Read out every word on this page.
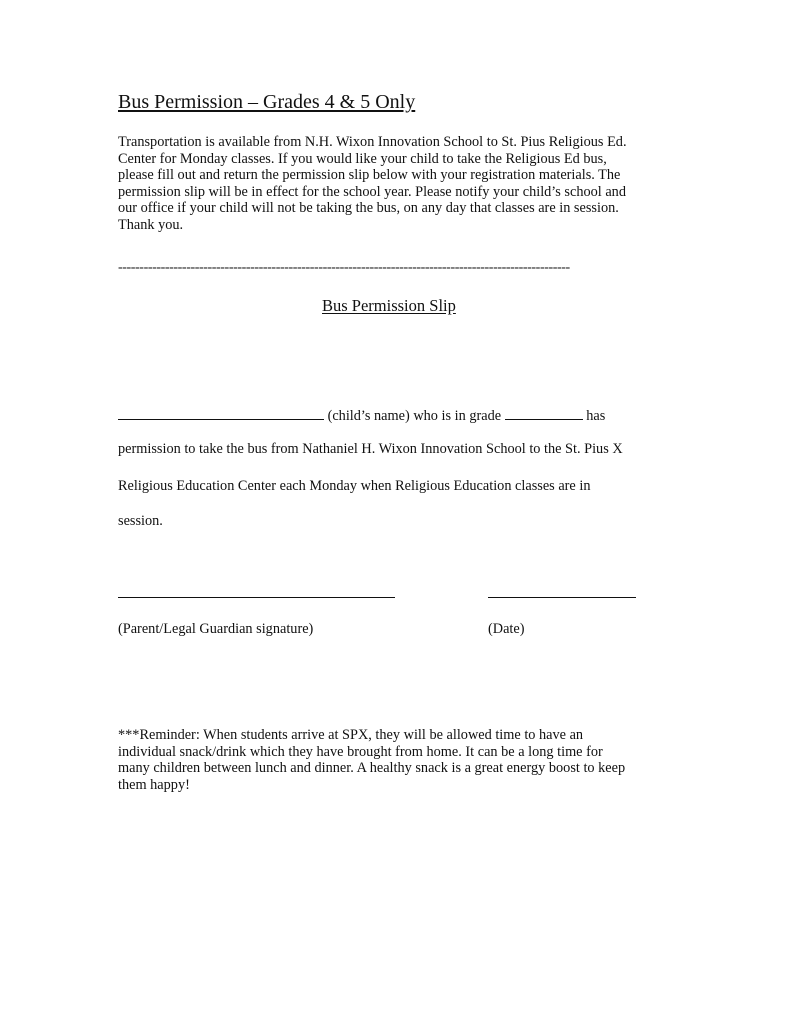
Bus Permission – Grades 4 & 5 Only
Transportation is available from N.H. Wixon Innovation School to St. Pius Religious Ed.
Center for Monday classes. If you would like your child to take the Religious Ed bus,
please fill out and return the permission slip below with your registration materials. The
permission slip will be in effect for the school year. Please notify your child’s school and
our office if your child will not be taking the bus, on any day that classes are in session.
Thank you.
----------------------------------------------------------------------------------------------------------
Bus Permission Slip
(child’s name) who is in grade	has
permission to take the bus from Nathaniel H. Wixon Innovation School to the St. Pius X
Religious Education Center each Monday when Religious Education classes are in
session.
(Parent/Legal Guardian signature)	(Date)
***Reminder: When students arrive at SPX, they will be allowed time to have an
individual snack/drink which they have brought from home. It can be a long time for
many children between lunch and dinner. A healthy snack is a great energy boost to keep
them happy!
